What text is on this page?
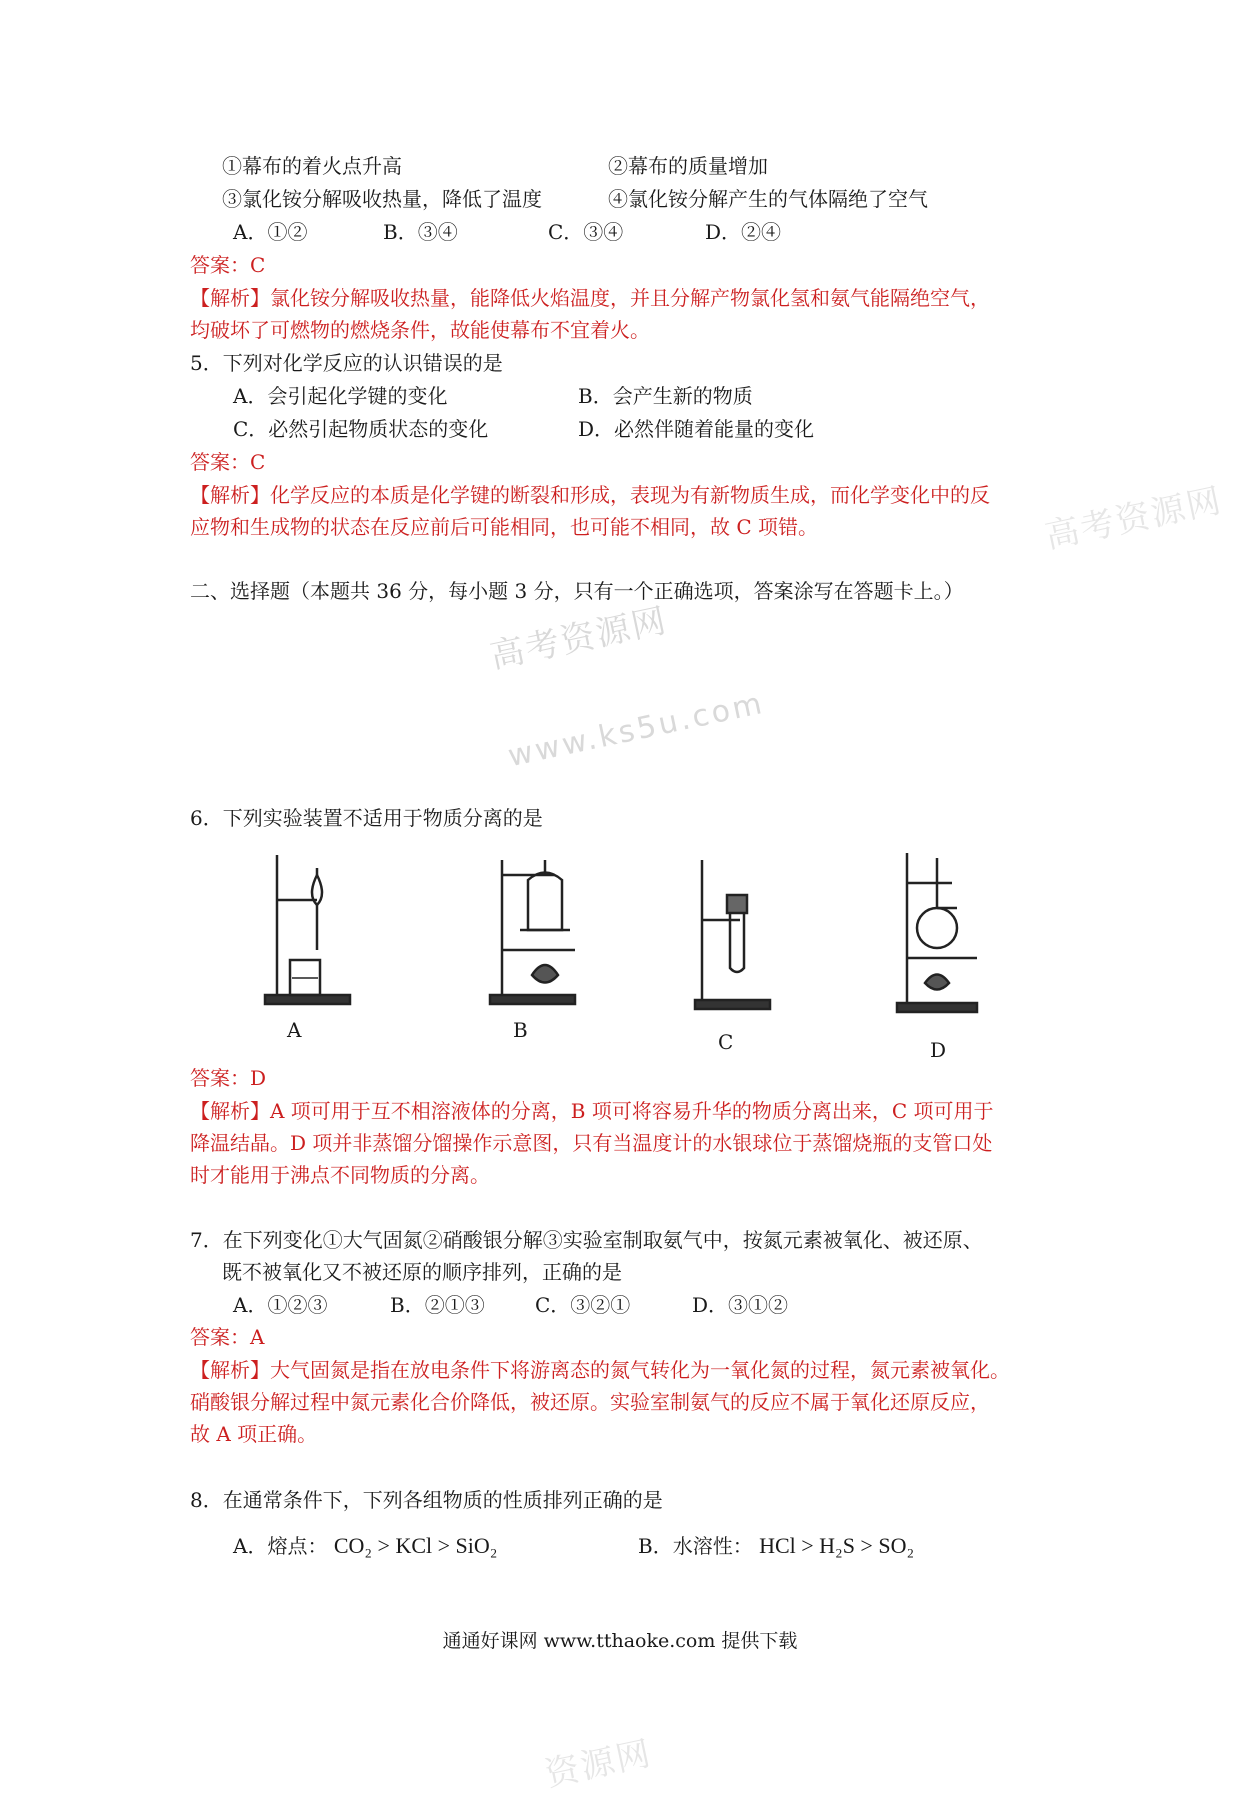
①幕布的着火点升高	②幕布的质量增加
③氯化铵分解吸收热量，降低了温度	④氯化铵分解产生的气体隔绝了空气
A．①②	B．③④	C．③④	D．②④
答案：C
【解析】氯化铵分解吸收热量，能降低火焰温度，并且分解产物氯化氢和氨气能隔绝空气，
均破坏了可燃物的燃烧条件，故能使幕布不宜着火。
5．下列对化学反应的认识错误的是
A．会引起化学键的变化	B．会产生新的物质
C．必然引起物质状态的变化	D．必然伴随着能量的变化
答案：C
【解析】化学反应的本质是化学键的断裂和形成，表现为有新物质生成，而化学变化中的反
应物和生成物的状态在反应前后可能相同，也可能不相同，故 C 项错。
二、选择题（本题共 36 分，每小题 3 分，只有一个正确选项，答案涂写在答题卡上。）
高考资源网
www.ks5u.com
高考资源网
资源网
6．下列实验装置不适用于物质分离的是
A	B	C	D
答案：D
【解析】A 项可用于互不相溶液体的分离，B 项可将容易升华的物质分离出来，C 项可用于
降温结晶。D 项并非蒸馏分馏操作示意图，只有当温度计的水银球位于蒸馏烧瓶的支管口处
时才能用于沸点不同物质的分离。
7．在下列变化①大气固氮②硝酸银分解③实验室制取氨气中，按氮元素被氧化、被还原、
既不被氧化又不被还原的顺序排列，正确的是
A．①②③	B．②①③	C．③②①	D．③①②
答案：A
【解析】大气固氮是指在放电条件下将游离态的氮气转化为一氧化氮的过程，氮元素被氧化。
硝酸银分解过程中氮元素化合价降低，被还原。实验室制氨气的反应不属于氧化还原反应，
故 A 项正确。
8．在通常条件下，下列各组物质的性质排列正确的是
A．熔点： CO₂ > KCl > SiO₂	B．水溶性： HCl > H₂S > SO₂
通通好课网 www.tthaoke.com 提供下载
